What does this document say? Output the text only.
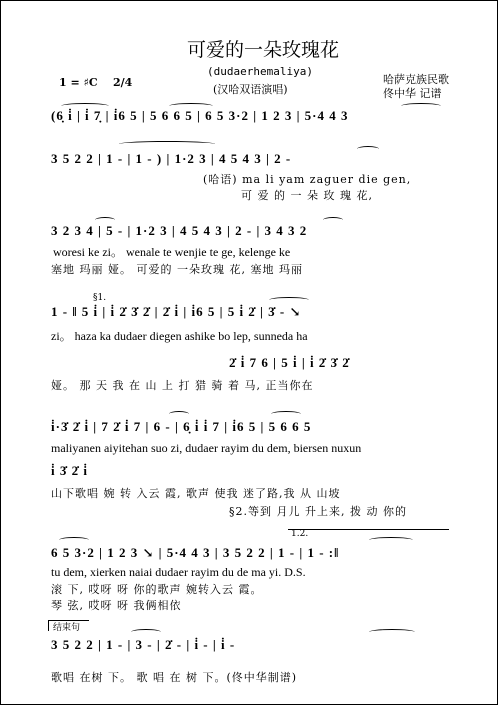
可爱的一朵玫瑰花
(dudaerhemaliya)
(汉哈双语演唱)
哈萨克族民歌
佟中华 记谱
1 = ♯C 2/4
(6̣ i̇ | i̇ 7̣ | i̇6 5 | 5 6 6 5 | 6 5 3·2 | 1 2 3 | 5·4 4 3
3 5 2 2 | 1 - | 1 - ) | 1·2 3 | 4 5 4 3 | 2 -
(哈语) ma li yam zaguer die gen,
可 爱 的 一 朵 玫 瑰 花,
3 2 3 4 | 5 - | 1·2 3 | 4 5 4 3 | 2 - | 3 4 3 2
woresi ke zi。 wenale te wenjie te ge, kelenge ke
塞地 玛丽 娅。 可爱的 一朵玫瑰 花, 塞地 玛丽
§1.
1 - ‖ 5 i̇ | i̇ 2̇ 3̇ 2̇ | 2̇ i̇ | i̇6 5 | 5 i̇ 2̇ | 3̇ - ↘
zi。 haza ka dudaer diegen ashike bo lep, sunneda ha
2̇ i̇ 7 6 | 5 i̇ | i̇ 2̇ 3̇ 2̇
娅。 那 天 我 在 山 上 打 猎 骑 着 马, 正当你在
i̇·3̇ 2̇ i̇ | 7 2̇ i̇ 7 | 6 - | 6̣ i̇ i̇ 7 | i̇6 5 | 5 6 6 5
maliyanen aiyitehan suo zi, dudaer rayim du dem, biersen nuxun
i̇ 3̇ 2̇ i̇
山下歌唱 婉 转 入云 霞, 歌声 使我 迷了路,我 从 山坡
§2.等到 月儿 升上来, 拨 动 你的
1.2.
6 5 3·2 | 1 2 3 ↘ | 5·4 4 3 | 3 5 2 2 | 1 - | 1 - :‖
tu dem, xierken naiai dudaer rayim du de ma yi. D.S.
滚 下, 哎呀 呀 你的歌声 婉转入云 霞。
琴 弦, 哎呀 呀 我俩相依
结束句
3 5 2 2 | 1 - | 3 - | 2̇ - | i̇ - | i̇ -
歌唱 在树 下。 歌 唱 在 树 下。(佟中华制谱)
